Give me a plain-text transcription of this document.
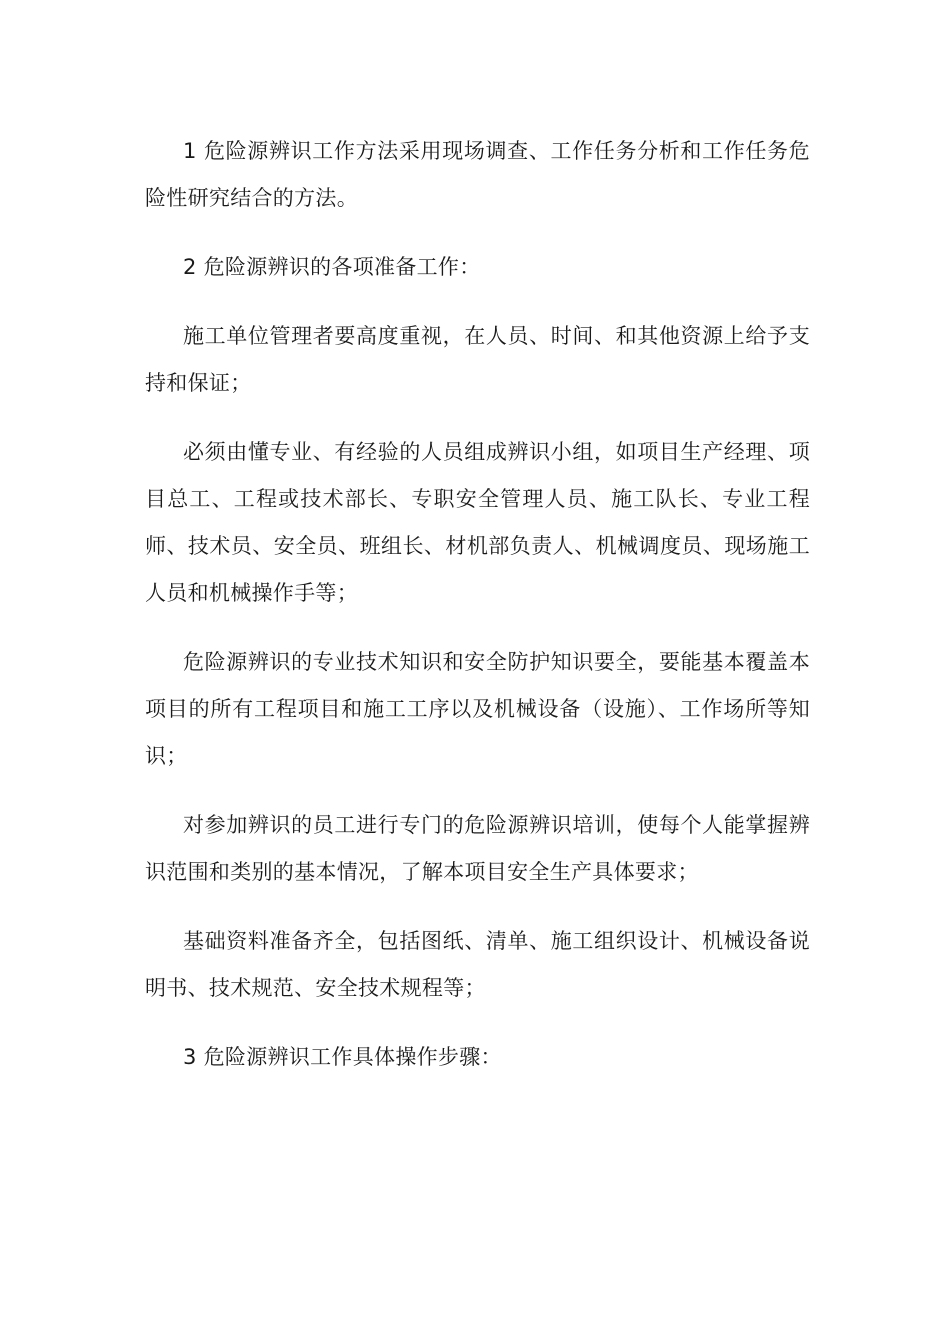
1 危险源辨识工作方法采用现场调查、工作任务分析和工作任务危险性研究结合的方法。

2 危险源辨识的各项准备工作：

施工单位管理者要高度重视，在人员、时间、和其他资源上给予支持和保证；

必须由懂专业、有经验的人员组成辨识小组，如项目生产经理、项目总工、工程或技术部长、专职安全管理人员、施工队长、专业工程师、技术员、安全员、班组长、材机部负责人、机械调度员、现场施工人员和机械操作手等；

危险源辨识的专业技术知识和安全防护知识要全，要能基本覆盖本项目的所有工程项目和施工工序以及机械设备（设施）、工作场所等知识；

对参加辨识的员工进行专门的危险源辨识培训，使每个人能掌握辨识范围和类别的基本情况，了解本项目安全生产具体要求；

基础资料准备齐全，包括图纸、清单、施工组织设计、机械设备说明书、技术规范、安全技术规程等；

3 危险源辨识工作具体操作步骤：
